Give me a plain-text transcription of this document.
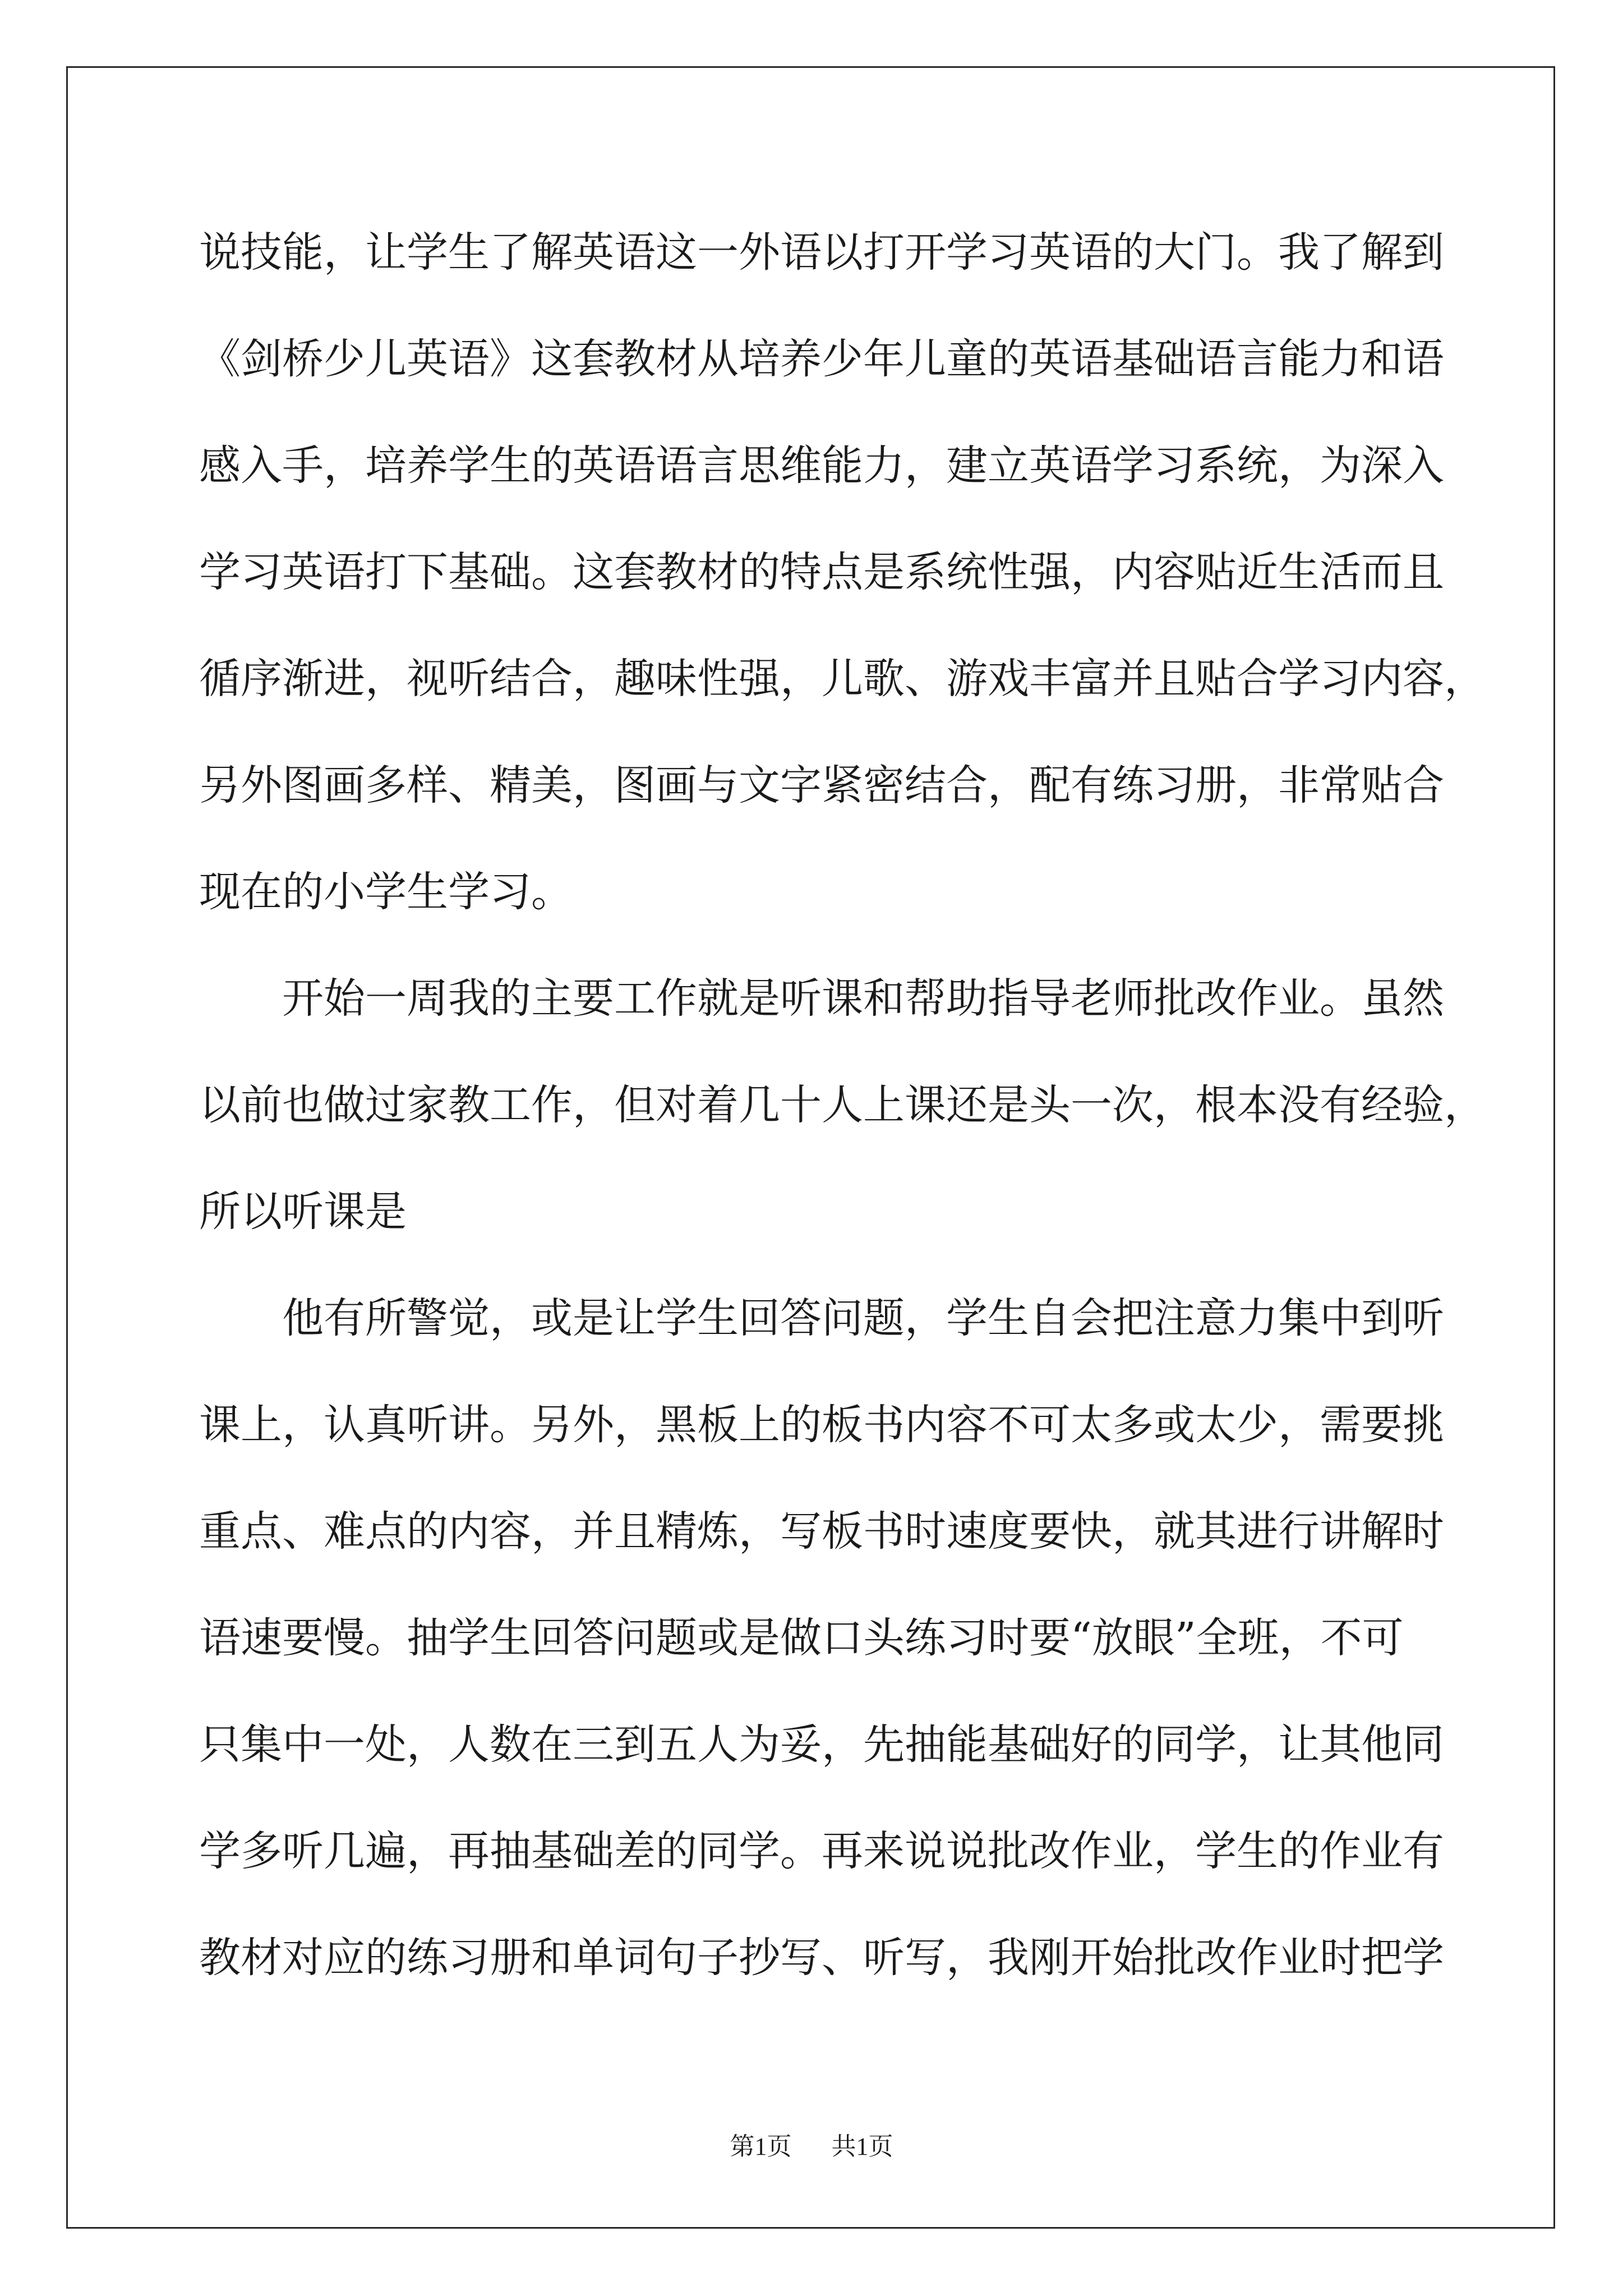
说技能，让学生了解英语这一外语以打开学习英语的大门。我了解到
《剑桥少儿英语》这套教材从培养少年儿童的英语基础语言能力和语
感入手，培养学生的英语语言思维能力，建立英语学习系统，为深入
学习英语打下基础。这套教材的特点是系统性强，内容贴近生活而且
循序渐进，视听结合，趣味性强，儿歌、游戏丰富并且贴合学习内容，
另外图画多样、精美，图画与文字紧密结合，配有练习册，非常贴合
现在的小学生学习。
开始一周我的主要工作就是听课和帮助指导老师批改作业。虽然
以前也做过家教工作，但对着几十人上课还是头一次，根本没有经验，
所以听课是
他有所警觉，或是让学生回答问题，学生自会把注意力集中到听
课上，认真听讲。另外，黑板上的板书内容不可太多或太少，需要挑
重点、难点的内容，并且精炼，写板书时速度要快，就其进行讲解时
语速要慢。抽学生回答问题或是做口头练习时要“放眼”全班，不可
只集中一处，人数在三到五人为妥，先抽能基础好的同学，让其他同
学多听几遍，再抽基础差的同学。再来说说批改作业，学生的作业有
教材对应的练习册和单词句子抄写、听写，我刚开始批改作业时把学
第1页 共1页
